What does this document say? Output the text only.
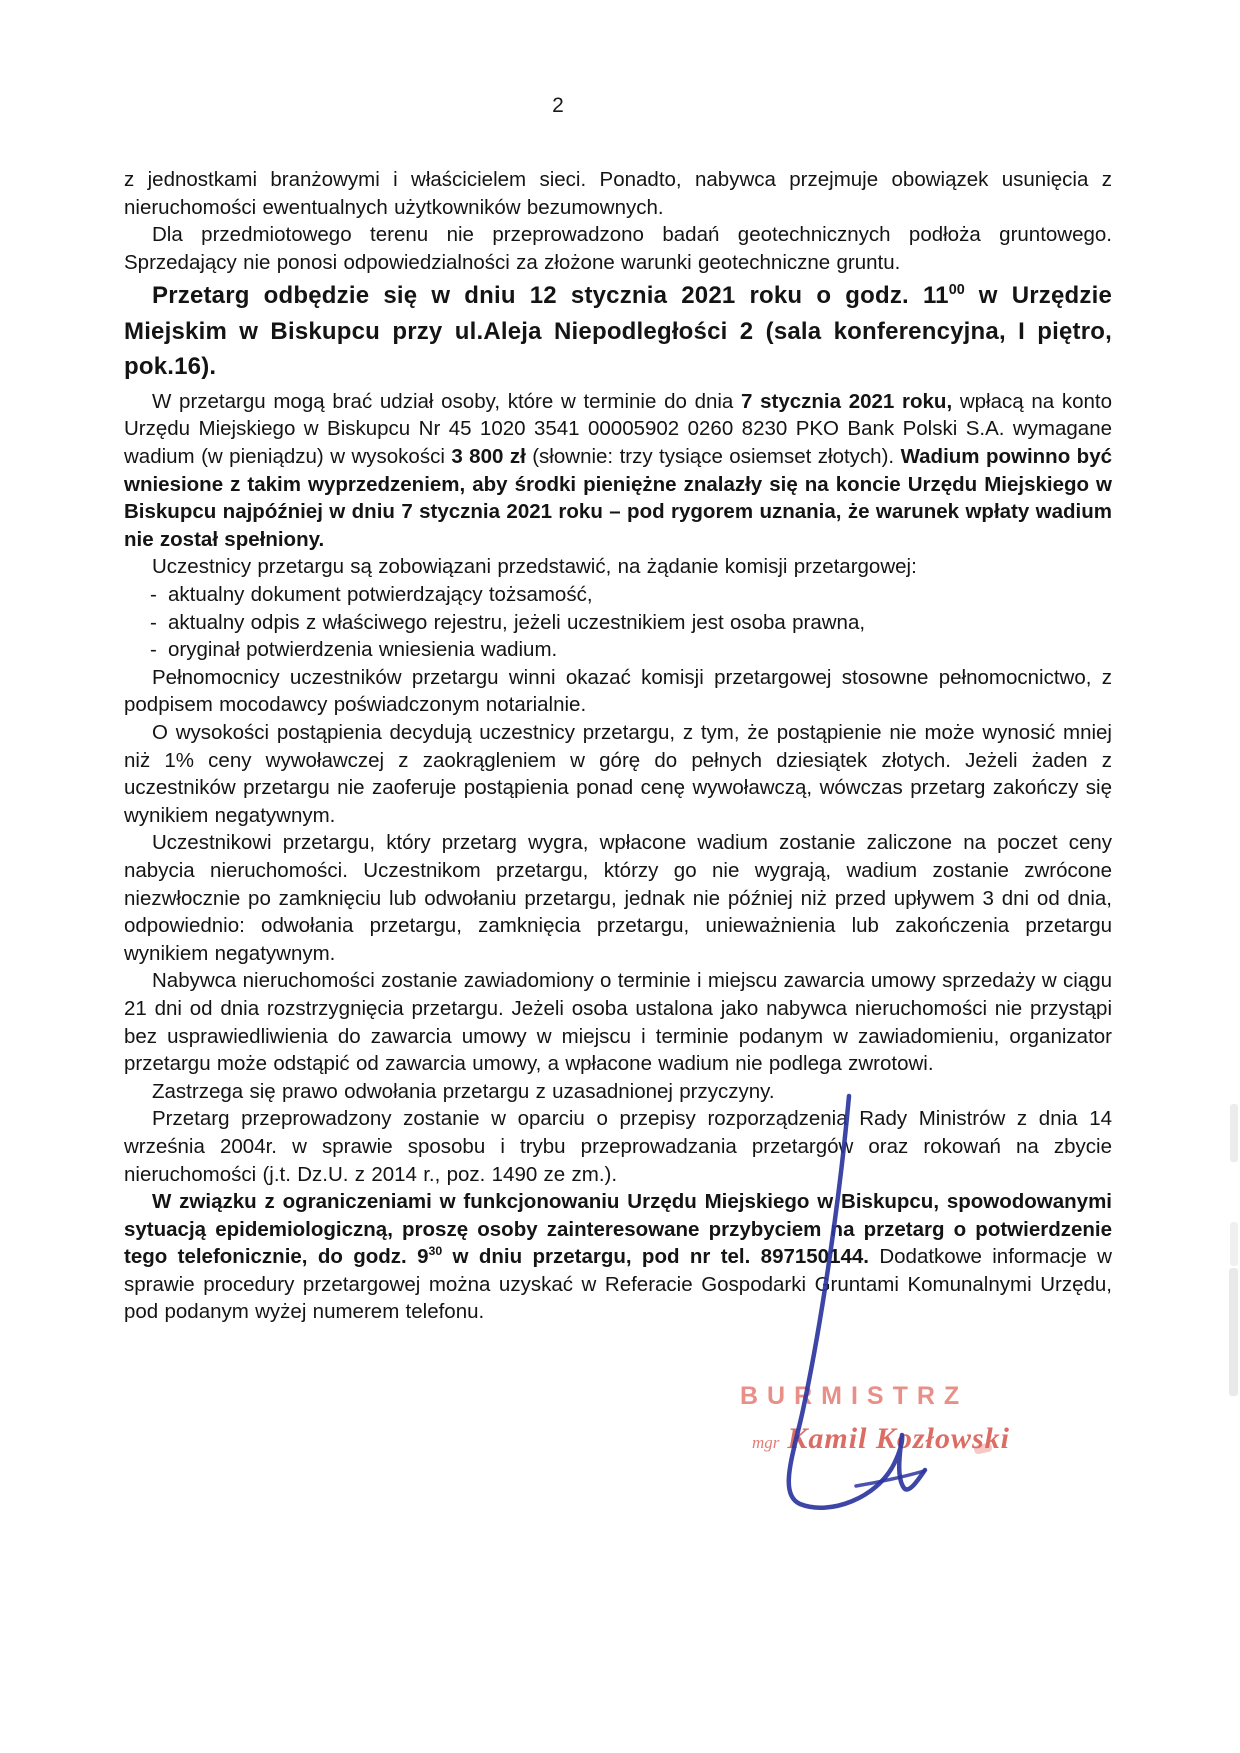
2

z jednostkami branżowymi i właścicielem sieci. Ponadto, nabywca przejmuje obowiązek usunięcia z nieruchomości ewentualnych użytkowników bezumownych.

Dla przedmiotowego terenu nie przeprowadzono badań geotechnicznych podłoża gruntowego. Sprzedający nie ponosi odpowiedzialności za złożone warunki geotechniczne gruntu.

Przetarg odbędzie się w dniu 12 stycznia 2021 roku o godz. $11^{00}$ w Urzędzie Miejskim w Biskupcu przy ul.Aleja Niepodległości 2 (sala konferencyjna, I piętro, pok.16).

W przetargu mogą brać udział osoby, które w terminie do dnia 7 stycznia 2021 roku, wpłacą na konto Urzędu Miejskiego w Biskupcu Nr 45 1020 3541 00005902 0260 8230 PKO Bank Polski S.A. wymagane wadium (w pieniądzu) w wysokości 3 800 zł (słownie: trzy tysiące osiemset złotych). Wadium powinno być wniesione z takim wyprzedzeniem, aby środki pieniężne znalazły się na koncie Urzędu Miejskiego w Biskupcu najpóźniej w dniu 7 stycznia 2021 roku – pod rygorem uznania, że warunek wpłaty wadium nie został spełniony.

Uczestnicy przetargu są zobowiązani przedstawić, na żądanie komisji przetargowej:

- aktualny dokument potwierdzający tożsamość,

- aktualny odpis z właściwego rejestru, jeżeli uczestnikiem jest osoba prawna,

- oryginał potwierdzenia wniesienia wadium.

Pełnomocnicy uczestników przetargu winni okazać komisji przetargowej stosowne pełnomocnictwo, z podpisem mocodawcy poświadczonym notarialnie.

O wysokości postąpienia decydują uczestnicy przetargu, z tym, że postąpienie nie może wynosić mniej niż 1% ceny wywoławczej z zaokrągleniem w górę do pełnych dziesiątek złotych. Jeżeli żaden z uczestników przetargu nie zaoferuje postąpienia ponad cenę wywoławczą, wówczas przetarg zakończy się wynikiem negatywnym.

Uczestnikowi przetargu, który przetarg wygra, wpłacone wadium zostanie zaliczone na poczet ceny nabycia nieruchomości. Uczestnikom przetargu, którzy go nie wygrają, wadium zostanie zwrócone niezwłocznie po zamknięciu lub odwołaniu przetargu, jednak nie później niż przed upływem 3 dni od dnia, odpowiednio: odwołania przetargu, zamknięcia przetargu, unieważnienia lub zakończenia przetargu wynikiem negatywnym.

Nabywca nieruchomości zostanie zawiadomiony o terminie i miejscu zawarcia umowy sprzedaży w ciągu 21 dni od dnia rozstrzygnięcia przetargu. Jeżeli osoba ustalona jako nabywca nieruchomości nie przystąpi bez usprawiedliwienia do zawarcia umowy w miejscu i terminie podanym w zawiadomieniu, organizator przetargu może odstąpić od zawarcia umowy, a wpłacone wadium nie podlega zwrotowi.

Zastrzega się prawo odwołania przetargu z uzasadnionej przyczyny.

Przetarg przeprowadzony zostanie w oparciu o przepisy rozporządzenia Rady Ministrów z dnia 14 września 2004r. w sprawie sposobu i trybu przeprowadzania przetargów oraz rokowań na zbycie nieruchomości (j.t. Dz.U. z 2014 r., poz. 1490 ze zm.).

W związku z ograniczeniami w funkcjonowaniu Urzędu Miejskiego w Biskupcu, spowodowanymi sytuacją epidemiologiczną, proszę osoby zainteresowane przybyciem na przetarg o potwierdzenie tego telefonicznie, do godz. $9^{30}$ w dniu przetargu, pod nr tel. 897150144. Dodatkowe informacje w sprawie procedury przetargowej można uzyskać w Referacie Gospodarki Gruntami Komunalnymi Urzędu, pod podanym wyżej numerem telefonu.

BURMISTRZ
mgr Kamil Kozłowski
